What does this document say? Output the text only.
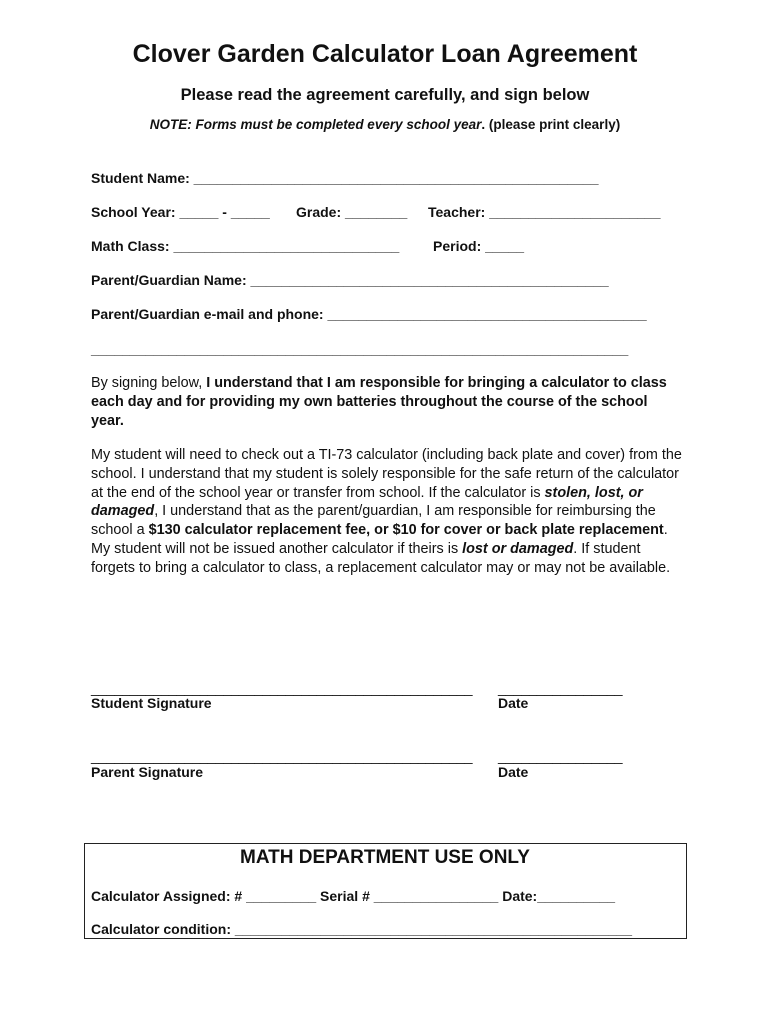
Clover Garden Calculator Loan Agreement
Please read the agreement carefully, and sign below
NOTE: Forms must be completed every school year. (please print clearly)
Student Name: ____________________________________________________
School Year: _____ - _____ Grade: ________ Teacher: ______________________
Math Class: _____________________________ Period: _____
Parent/Guardian Name: ______________________________________________
Parent/Guardian e-mail and phone: _________________________________________
_____________________________________________________________________
By signing below, I understand that I am responsible for bringing a calculator to class each day and for providing my own batteries throughout the course of the school year.
My student will need to check out a TI-73 calculator (including back plate and cover) from the school. I understand that my student is solely responsible for the safe return of the calculator at the end of the school year or transfer from school. If the calculator is stolen, lost, or damaged, I understand that as the parent/guardian, I am responsible for reimbursing the school a $130 calculator replacement fee, or $10 for cover or back plate replacement. My student will not be issued another calculator if theirs is lost or damaged. If student forgets to bring a calculator to class, a replacement calculator may or may not be available.
_________________________________________________ ________________
Student Signature	Date
_________________________________________________ ________________
Parent Signature	Date
MATH DEPARTMENT USE ONLY
Calculator Assigned: # _________ Serial # ________________ Date:__________
Calculator condition: ___________________________________________________
